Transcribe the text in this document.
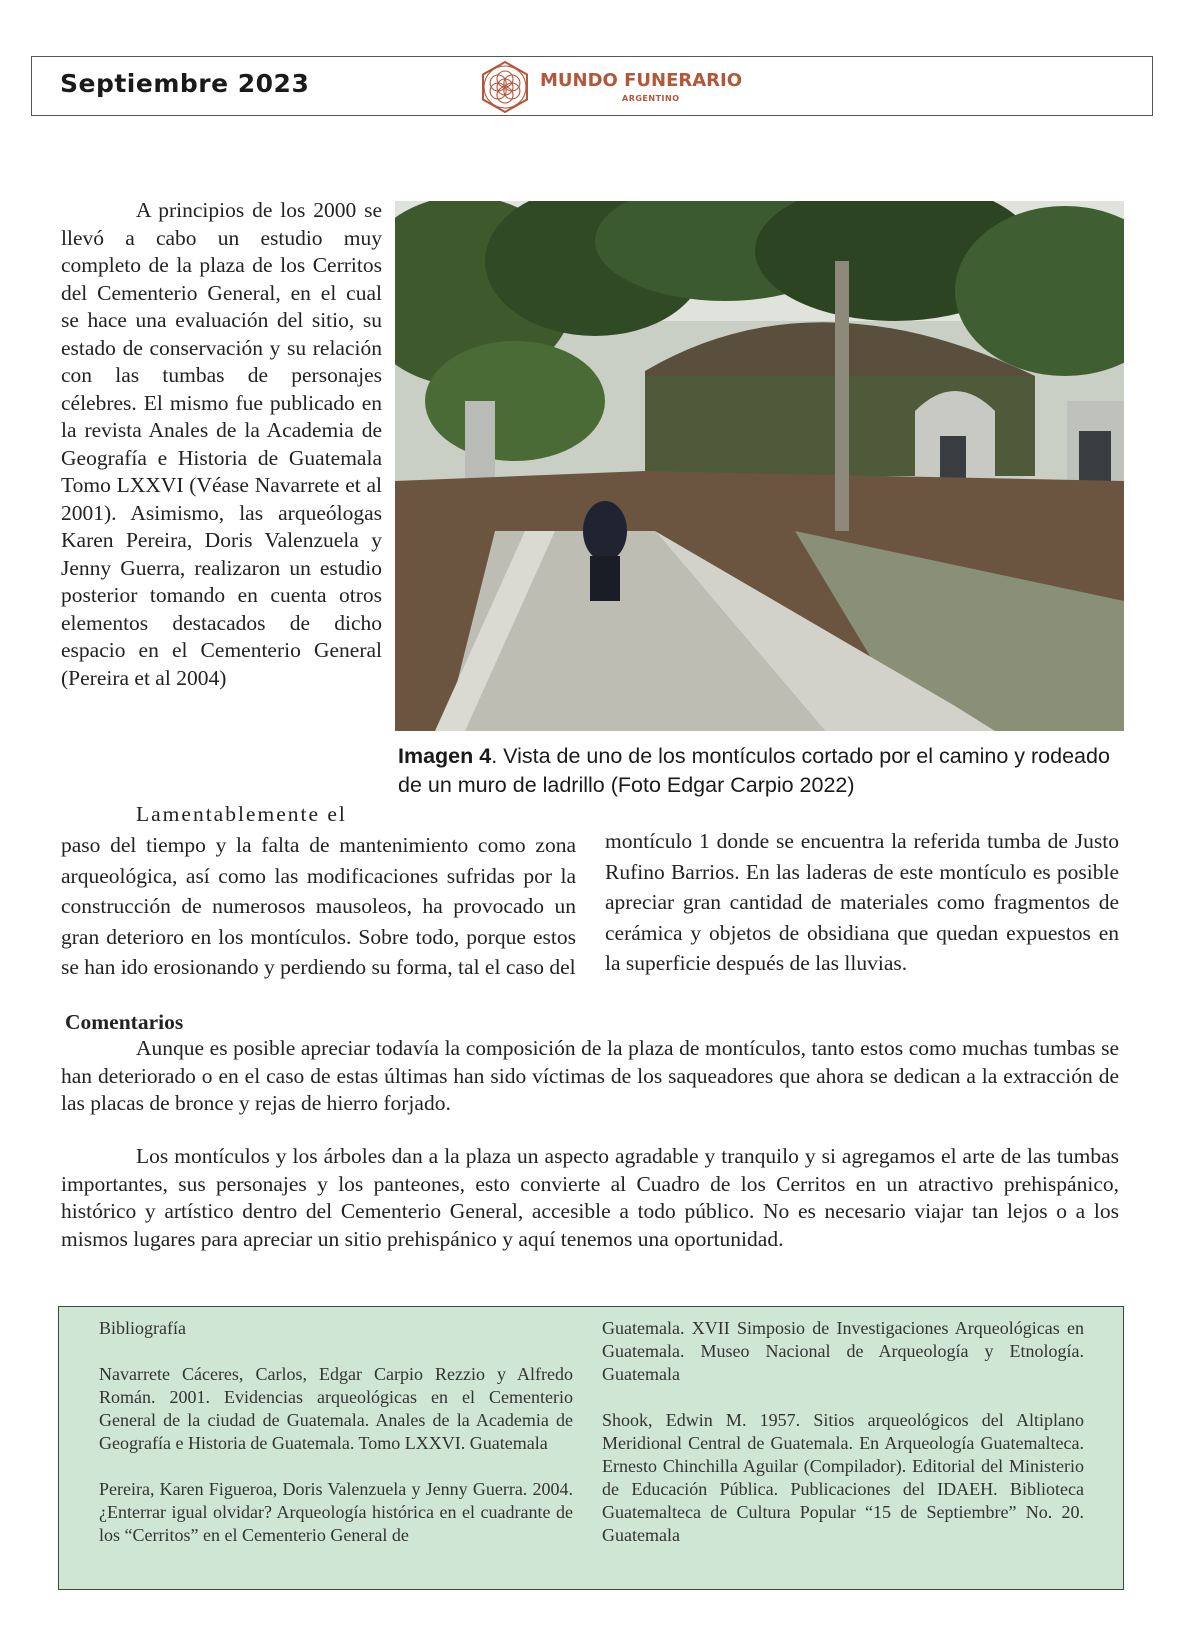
Septiembre 2023	MUNDO FUNERARIO
ARGENTINO
A principios de los 2000 se llevó a cabo un estudio muy completo de la plaza de los Cerritos del Cementerio General, en el cual se hace una evaluación del sitio, su estado de conservación y su relación con las tumbas de personajes célebres. El mismo fue publicado en la revista Anales de la Academia de Geografía e Historia de Guatemala Tomo LXXVI (Véase Navarrete et al 2001). Asimismo, las arqueólogas Karen Pereira, Doris Valenzuela y Jenny Guerra, realizaron un estudio posterior tomando en cuenta otros elementos destacados de dicho espacio en el Cementerio General (Pereira et al 2004)
Imagen 4. Vista de uno de los montículos cortado por el camino y rodeado de un muro de ladrillo (Foto Edgar Carpio 2022)
Lamentablemente el
paso del tiempo y la falta de mantenimiento como zona arqueológica, así como las modificaciones sufridas por la construcción de numerosos mausoleos, ha provocado un gran deterioro en los montículos. Sobre todo, porque estos se han ido erosionando y perdiendo su forma, tal el caso del
montículo 1 donde se encuentra la referida tumba de Justo Rufino Barrios. En las laderas de este montículo es posible apreciar gran cantidad de materiales como fragmentos de cerámica y objetos de obsidiana que quedan expuestos en la superficie después de las lluvias.
Comentarios
Aunque es posible apreciar todavía la composición de la plaza de montículos, tanto estos como muchas tumbas se han deteriorado o en el caso de estas últimas han sido víctimas de los saqueadores que ahora se dedican a la extracción de las placas de bronce y rejas de hierro forjado.
Los montículos y los árboles dan a la plaza un aspecto agradable y tranquilo y si agregamos el arte de las tumbas importantes, sus personajes y los panteones, esto convierte al Cuadro de los Cerritos en un atractivo prehispánico, histórico y artístico dentro del Cementerio General, accesible a todo público. No es necesario viajar tan lejos o a los mismos lugares para apreciar un sitio prehispánico y aquí tenemos una oportunidad.

Bibliografía

Navarrete Cáceres, Carlos, Edgar Carpio Rezzio y Alfredo Román. 2001. Evidencias arqueológicas en el Cementerio General de la ciudad de Guatemala. Anales de la Academia de Geografía e Historia de Guatemala. Tomo LXXVI. Guatemala

Pereira, Karen Figueroa, Doris Valenzuela y Jenny Guerra. 2004. ¿Enterrar igual olvidar? Arqueología histórica en el cuadrante de los “Cerritos” en el Cementerio General de

Guatemala. XVII Simposio de Investigaciones Arqueológicas en Guatemala. Museo Nacional de Arqueología y Etnología. Guatemala

Shook, Edwin M. 1957. Sitios arqueológicos del Altiplano Meridional Central de Guatemala. En Arqueología Guatemalteca. Ernesto Chinchilla Aguilar (Compilador). Editorial del Ministerio de Educación Pública. Publicaciones del IDAEH. Biblioteca Guatemalteca de Cultura Popular “15 de Septiembre” No. 20. Guatemala
